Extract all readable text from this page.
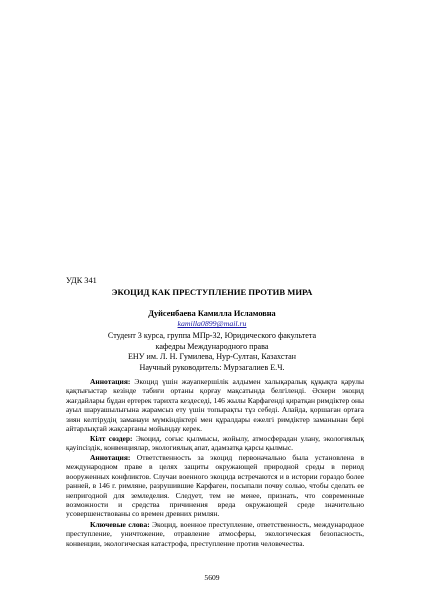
УДК 341
ЭКОЦИД КАК ПРЕСТУПЛЕНИЕ ПРОТИВ МИРА
Дуйсенбаева Камилла Исламовна
kamilla0899@mail.ru
Студент 3 курса, группа МПр-32, Юридического факультета
кафедры Международного права
ЕНУ им. Л. Н. Гумилева, Нур-Султан, Казахстан
Научный руководитель: Мурзагалиев Е.Ч.
Аннотация: Экоцид үшін жауапкершілік алдымен халықаралық құқықта қарулы қақтығыстар кезінде табиғи ортаны қорғау мақсатында белгіленді. Әскери экоцид жағдайлары бұдан ертерек тарихта кездеседі, 146 жылы Карфагенді қиратқан римдіктер оны ауыл шаруашылығына жарамсыз ету үшін топырақты тұз себеді. Алайда, қоршаған ортаға зиян келтірудің заманауи мүмкіндіктері мен құралдары ежелгі римдіктер заманынан бері айтарлықтай жақсарғаны мойындау керек.
Кілт сөздер: Экоцид, соғыс қылмысы, жойылу, атмосферадан улану, экологиялық қауіпсіздік, конвенциялар, экологиялық апат, адамзатқа қарсы қылмыс.
Аннотация: Ответственность за экоцид первоначально была установлена в международном праве в целях защиты окружающей природной среды в период вооруженных конфликтов. Случаи военного экоцида встречаются и в истории гораздо более ранней, в 146 г. римляне, разрушившие Карфаген, посыпали почву солью, чтобы сделать ее непригодной для земледелия. Следует, тем не менее, признать, что современные возможности и средства причинения вреда окружающей среде значительно усовершенствованы со времен древних римлян.
Ключевые слова: Экоцид, военное преступление, ответственность, международное преступление, уничтожение, отравление атмосферы, экологическая безопасность, конвенции, экологическая катастрофа, преступление против человечества.
5609
